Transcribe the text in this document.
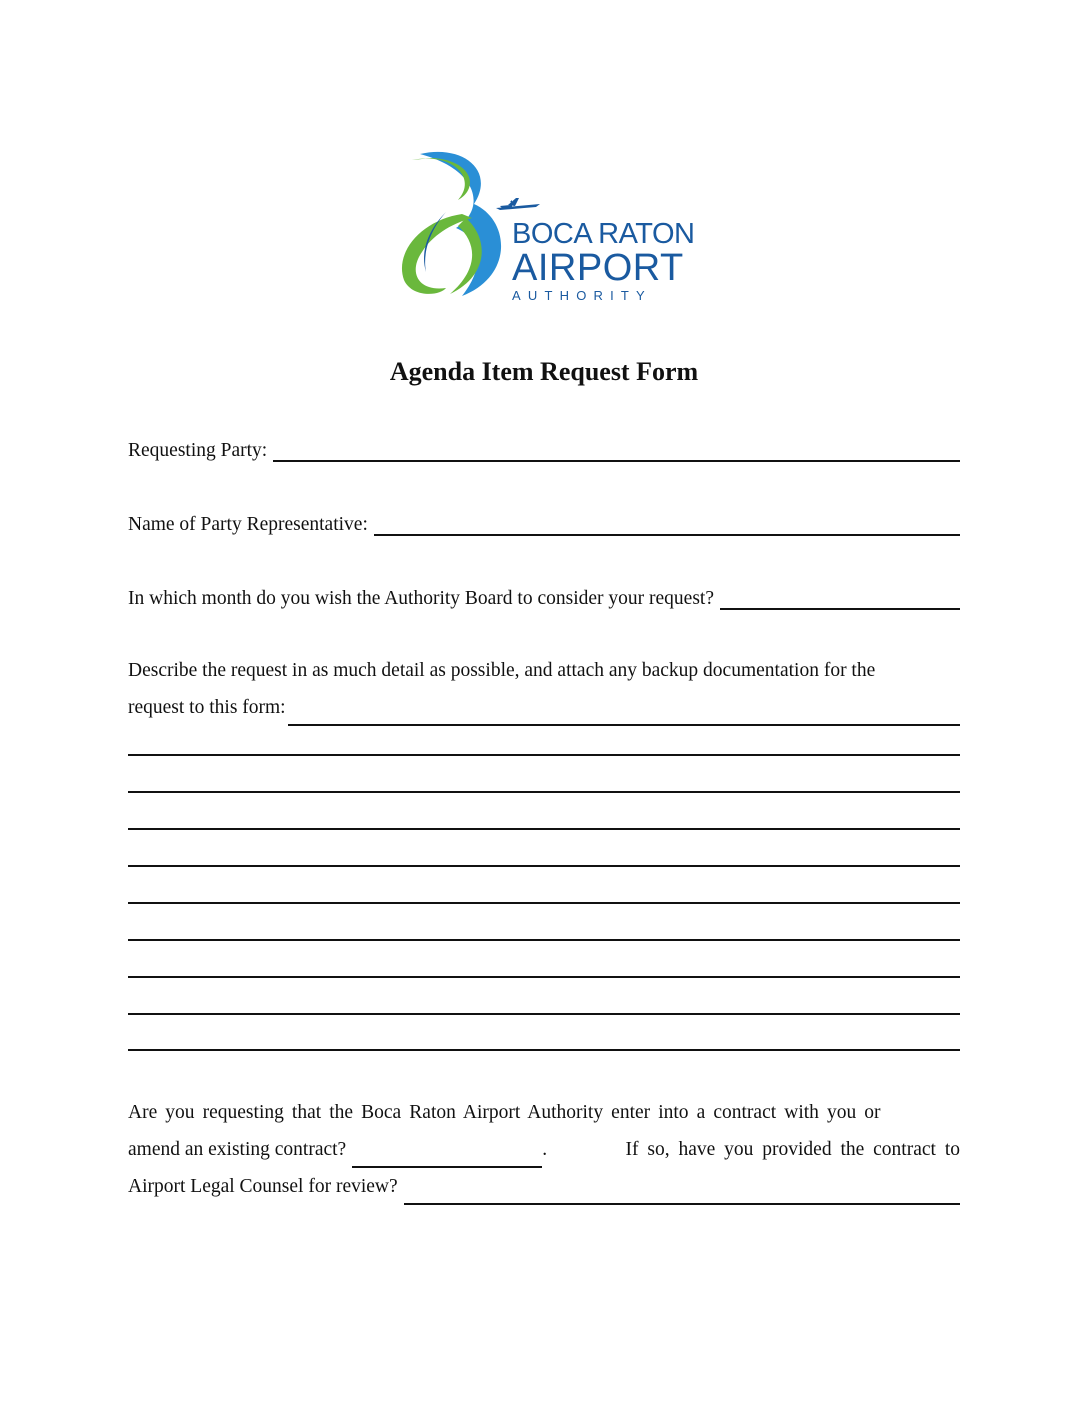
BOCA RATON
AIRPORT
AUTHORITY
Agenda Item Request Form
Requesting Party:
Name of Party Representative:
In which month do you wish the Authority Board to consider your request?
Describe the request in as much detail as possible, and attach any backup documentation for the
request to this form:
Are you requesting that the Boca Raton Airport Authority enter into a contract with you or
amend an existing contract?	.	If so, have you provided the contract to
Airport Legal Counsel for review?
